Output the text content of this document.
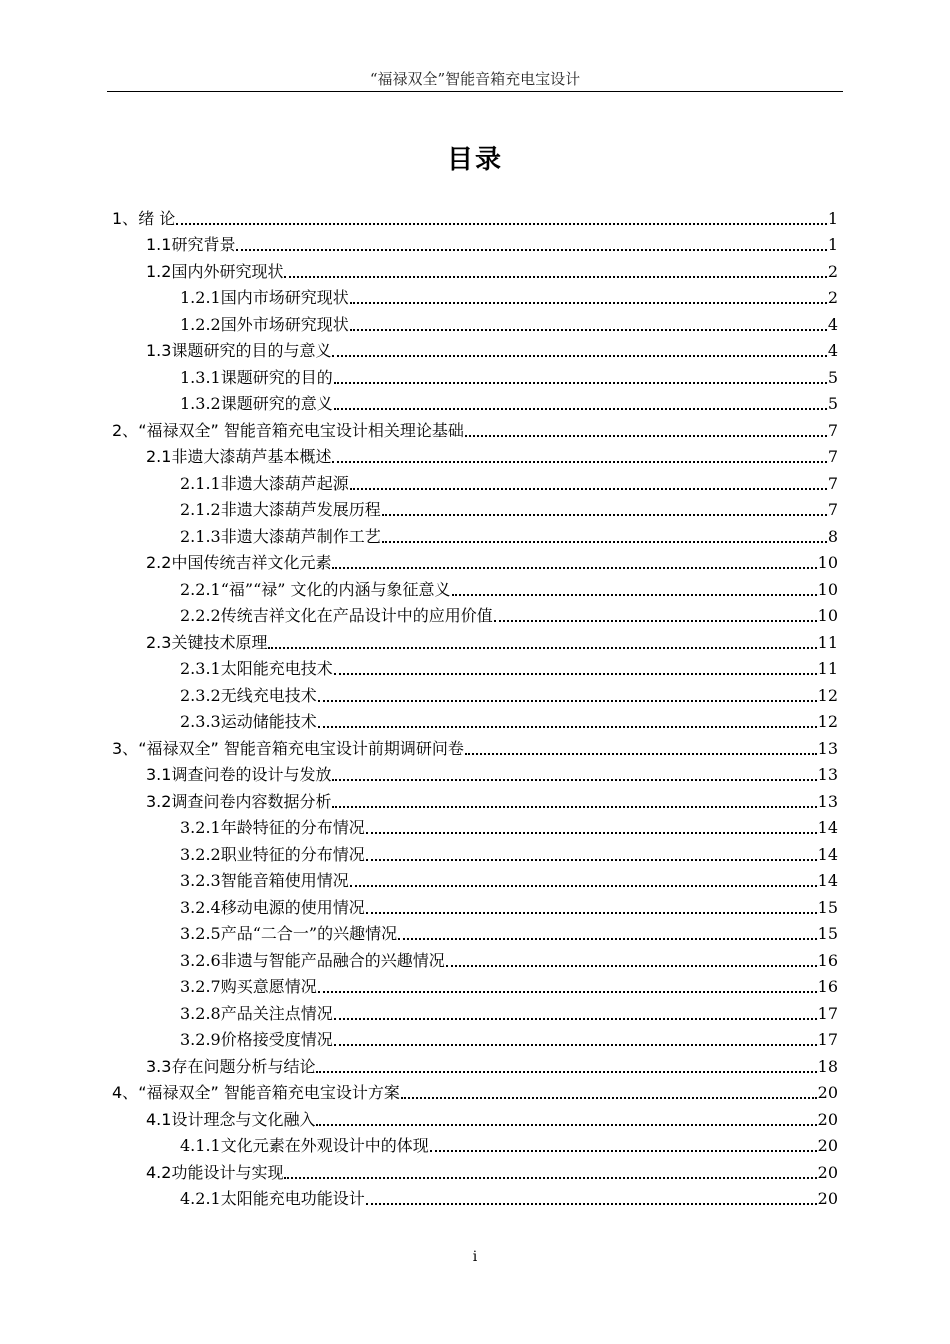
“福禄双全”智能音箱充电宝设计
目录
1、 绪 论	1
1.1 研究背景	1
1.2 国内外研究现状	2
1.2.1 国内市场研究现状	2
1.2.2 国外市场研究现状	4
1.3 课题研究的目的与意义	4
1.3.1 课题研究的目的	5
1.3.2 课题研究的意义	5
2、 “福禄双全” 智能音箱充电宝设计相关理论基础	7
2.1 非遗大漆葫芦基本概述	7
2.1.1 非遗大漆葫芦起源	7
2.1.2 非遗大漆葫芦发展历程	7
2.1.3 非遗大漆葫芦制作工艺	8
2.2 中国传统吉祥文化元素	10
2.2.1 “福”“禄” 文化的内涵与象征意义	10
2.2.2 传统吉祥文化在产品设计中的应用价值	10
2.3 关键技术原理	11
2.3.1 太阳能充电技术	11
2.3.2 无线充电技术	12
2.3.3 运动储能技术	12
3、 “福禄双全” 智能音箱充电宝设计前期调研问卷	13
3.1 调查问卷的设计与发放	13
3.2 调查问卷内容数据分析	13
3.2.1 年龄特征的分布情况	14
3.2.2 职业特征的分布情况	14
3.2.3 智能音箱使用情况	14
3.2.4 移动电源的使用情况	15
3.2.5 产品“二合一”的兴趣情况	15
3.2.6 非遗与智能产品融合的兴趣情况	16
3.2.7 购买意愿情况	16
3.2.8 产品关注点情况	17
3.2.9 价格接受度情况	17
3.3 存在问题分析与结论	18
4、 “福禄双全” 智能音箱充电宝设计方案	20
4.1 设计理念与文化融入	20
4.1.1 文化元素在外观设计中的体现	20
4.2 功能设计与实现	20
4.2.1 太阳能充电功能设计	20
i
